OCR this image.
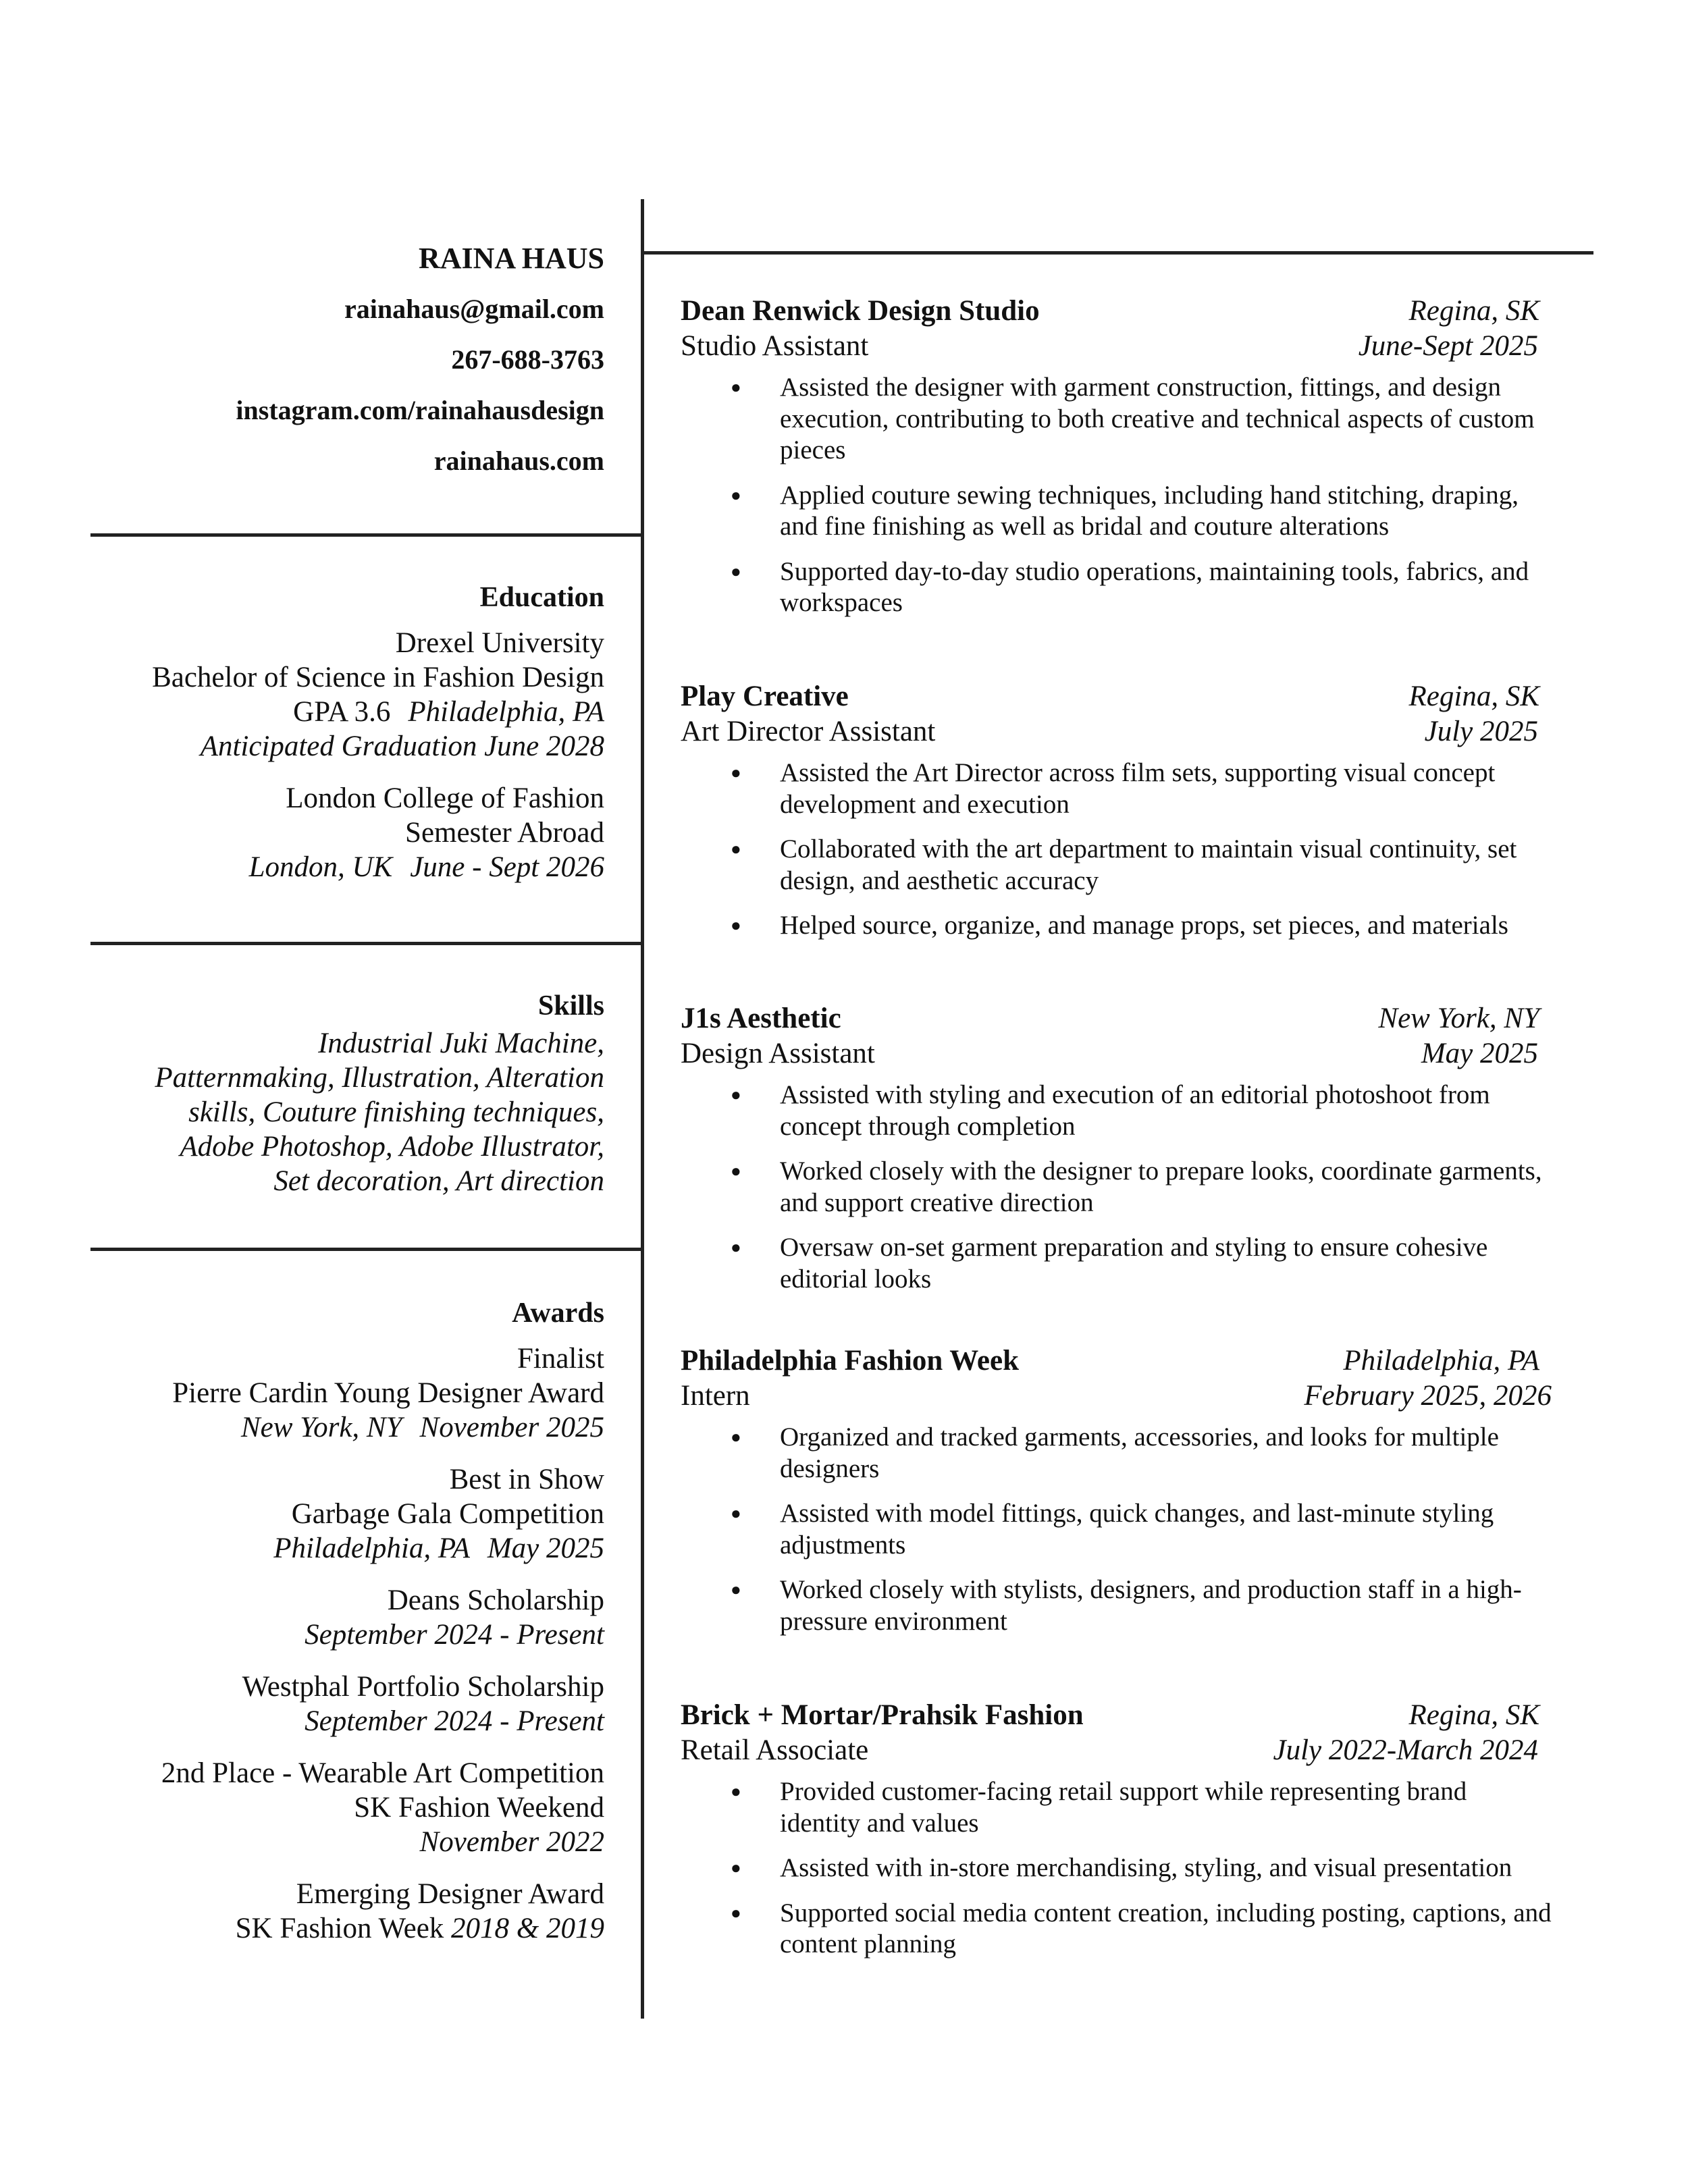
RAINA HAUS
rainahaus@gmail.com
267-688-3763
instagram.com/rainahausdesign
rainahaus.com
Education
Drexel University
Bachelor of Science in Fashion Design
GPA 3.6 Philadelphia, PA
Anticipated Graduation June 2028
London College of Fashion
Semester Abroad
London, UK June - Sept 2026
Skills
Industrial Juki Machine,
Patternmaking, Illustration, Alteration
skills, Couture finishing techniques,
Adobe Photoshop, Adobe Illustrator,
Set decoration, Art direction
Awards
Finalist
Pierre Cardin Young Designer Award
New York, NY November 2025
Best in Show
Garbage Gala Competition
Philadelphia, PA May 2025
Deans Scholarship
September 2024 - Present
Westphal Portfolio Scholarship
September 2024 - Present
2nd Place - Wearable Art Competition
SK Fashion Weekend
November 2022
Emerging Designer Award
SK Fashion Week 2018 & 2019
Dean Renwick Design Studio	Regina, SK
Studio Assistant	June-Sept 2025
● Assisted the designer with garment construction, fittings, and design execution, contributing to both creative and technical aspects of custom pieces
● Applied couture sewing techniques, including hand stitching, draping, and fine finishing as well as bridal and couture alterations
● Supported day-to-day studio operations, maintaining tools, fabrics, and workspaces
Play Creative	Regina, SK
Art Director Assistant	July 2025
● Assisted the Art Director across film sets, supporting visual concept development and execution
● Collaborated with the art department to maintain visual continuity, set design, and aesthetic accuracy
● Helped source, organize, and manage props, set pieces, and materials
J1s Aesthetic	New York, NY
Design Assistant	May 2025
● Assisted with styling and execution of an editorial photoshoot from concept through completion
● Worked closely with the designer to prepare looks, coordinate garments, and support creative direction
● Oversaw on-set garment preparation and styling to ensure cohesive editorial looks
Philadelphia Fashion Week	Philadelphia, PA
Intern	February 2025, 2026
● Organized and tracked garments, accessories, and looks for multiple designers
● Assisted with model fittings, quick changes, and last-minute styling adjustments
● Worked closely with stylists, designers, and production staff in a high-pressure environment
Brick + Mortar/Prahsik Fashion	Regina, SK
Retail Associate	July 2022-March 2024
● Provided customer-facing retail support while representing brand identity and values
● Assisted with in-store merchandising, styling, and visual presentation
● Supported social media content creation, including posting, captions, and content planning
